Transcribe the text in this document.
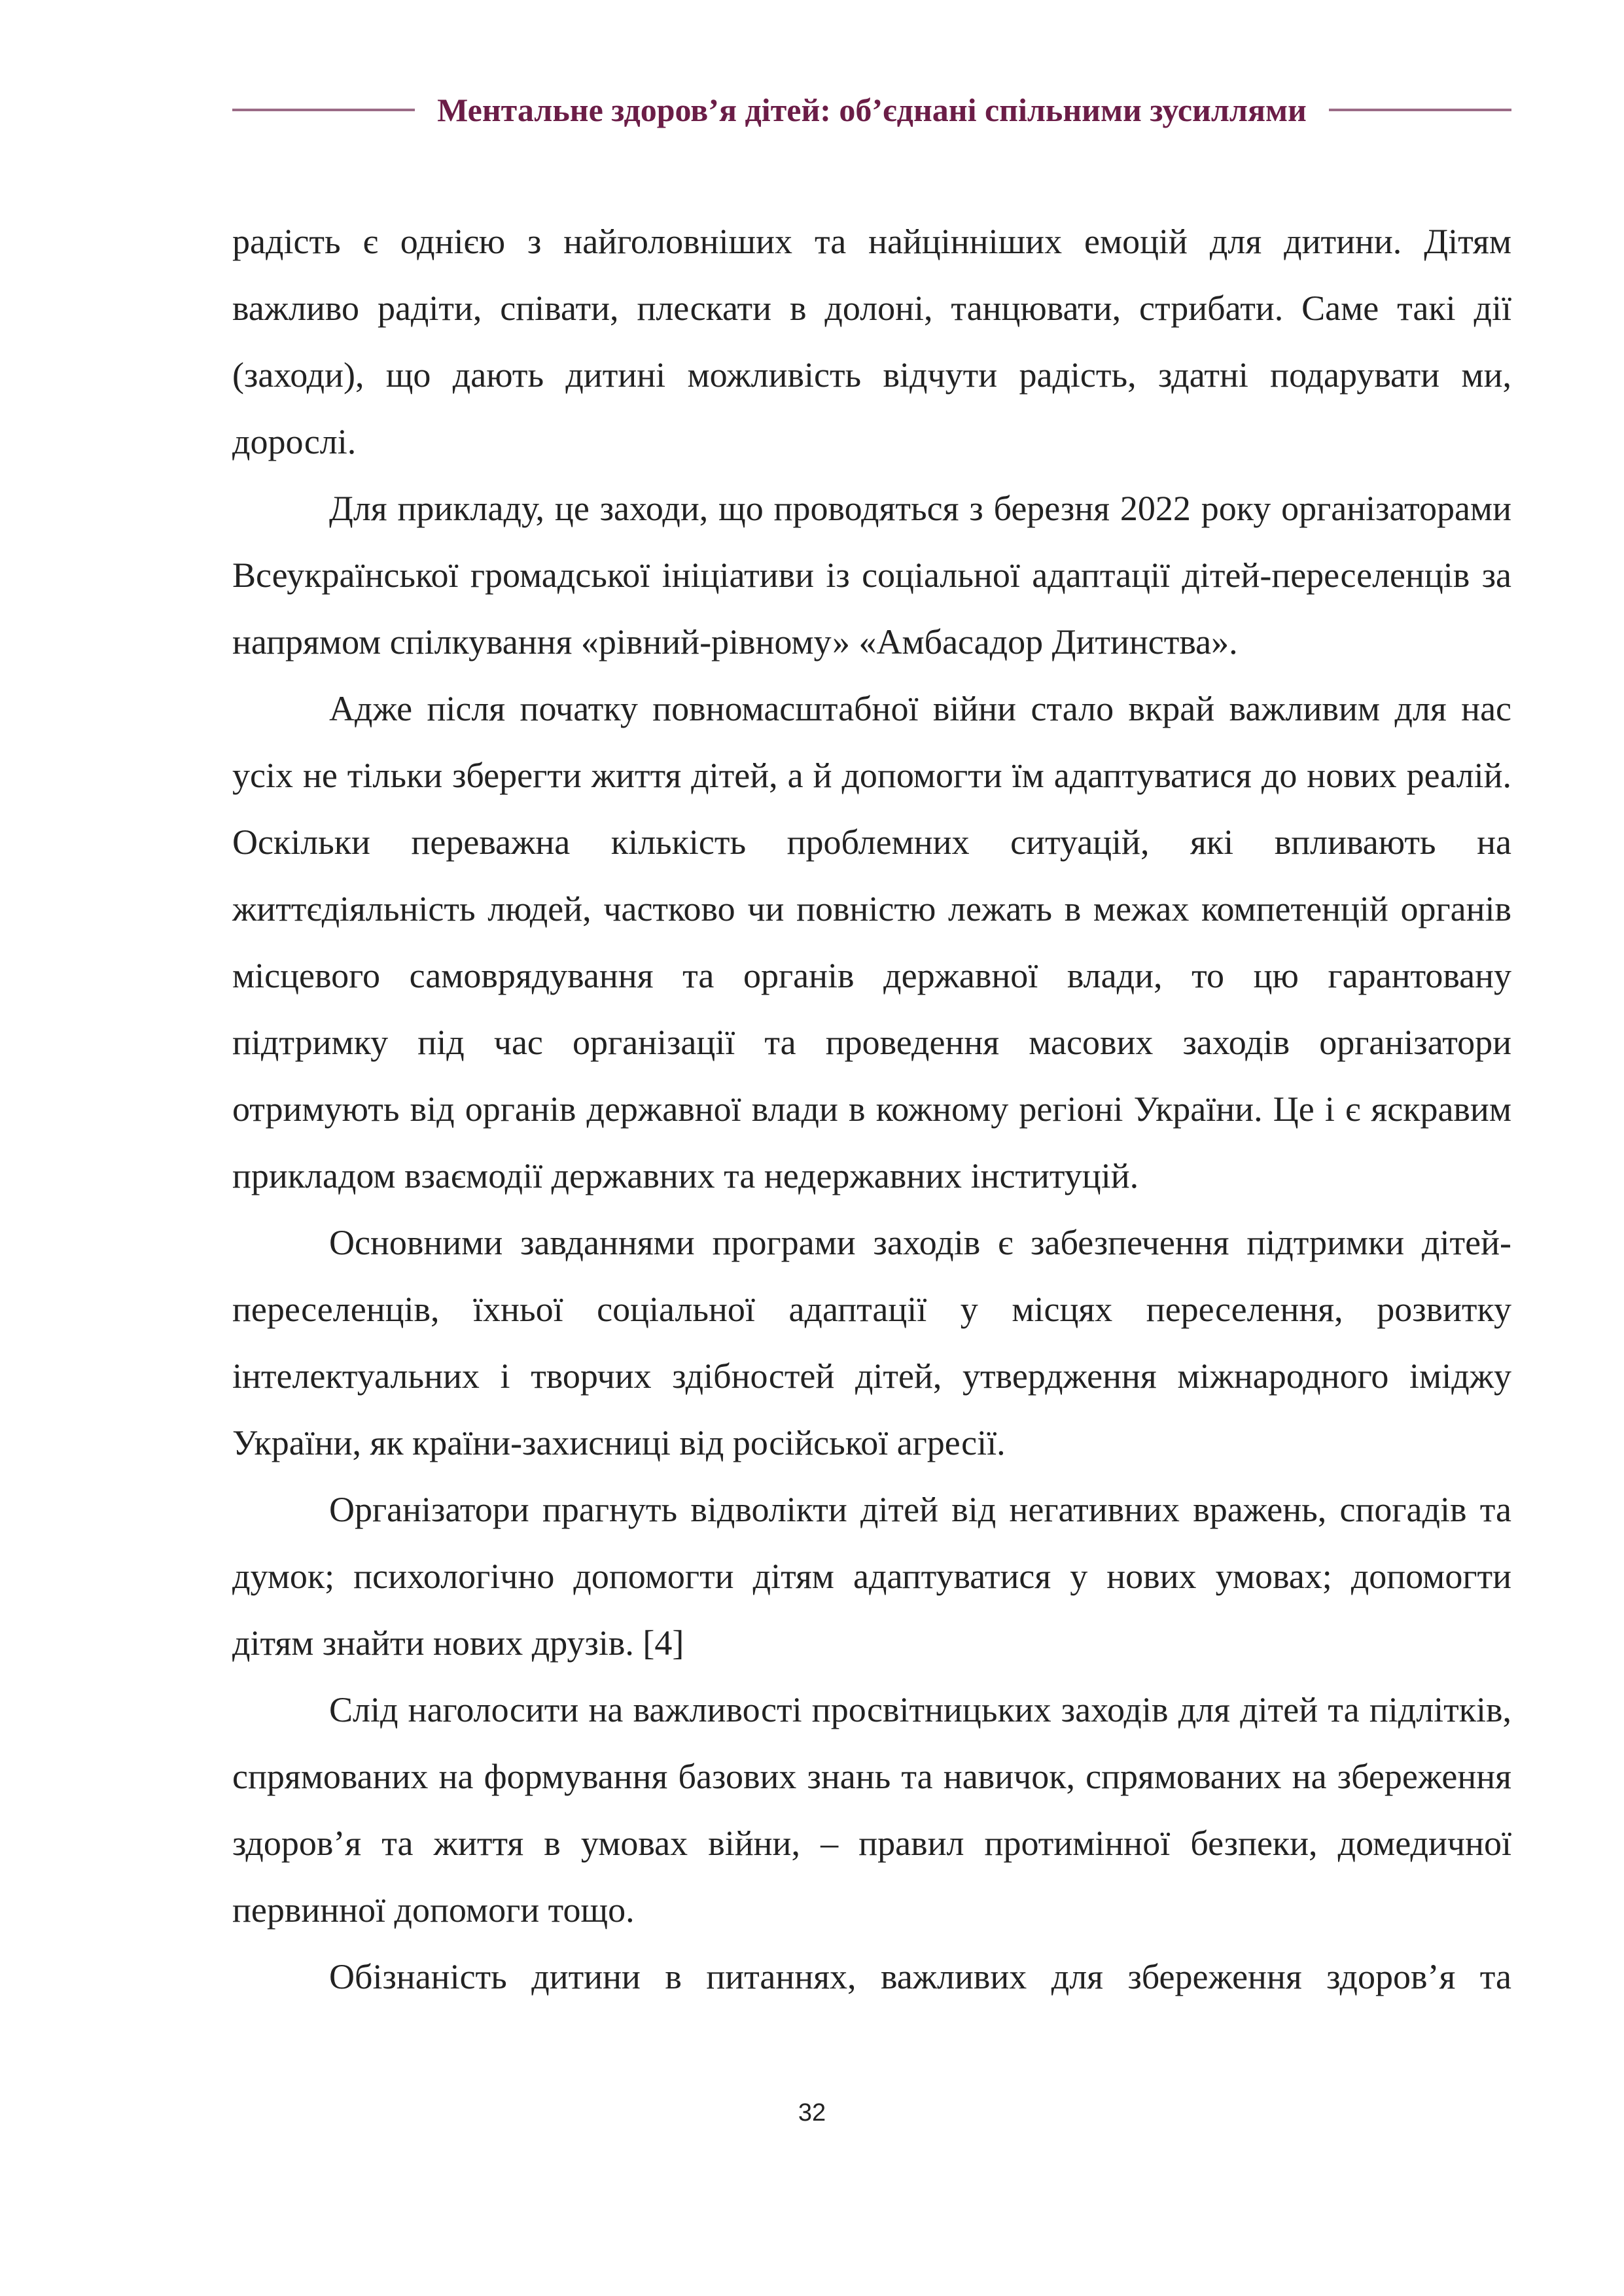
Ментальне здоров’я дітей: об’єднані спільними зусиллями

радість є однією з найголовніших та найцінніших емоцій для дитини. Дітям важливо радіти, співати, плескати в долоні, танцювати, стрибати. Саме такі дії (заходи), що дають дитині можливість відчути радість, здатні подарувати ми, дорослі.

Для прикладу, це заходи, що проводяться з березня 2022 року організаторами Всеукраїнської громадської ініціативи із соціальної адаптації дітей-переселенців за напрямом спілкування «рівний-рівному» «Амбасадор Дитинства».

Адже після початку повномасштабної війни стало вкрай важливим для нас усіх не тільки зберегти життя дітей, а й допомогти їм адаптуватися до нових реалій. Оскільки переважна кількість проблемних ситуацій, які впливають на життєдіяльність людей, частково чи повністю лежать в межах компетенцій органів місцевого самоврядування та органів державної влади, то цю гарантовану підтримку під час організації та проведення масових заходів організатори отримують від органів державної влади в кожному регіоні України. Це і є яскравим прикладом взаємодії державних та недержавних інституцій.

Основними завданнями програми заходів є забезпечення підтримки дітей-переселенців, їхньої соціальної адаптації у місцях переселення, розвитку інтелектуальних і творчих здібностей дітей, утвердження міжнародного іміджу України, як країни-захисниці від російської агресії.

Організатори прагнуть відволікти дітей від негативних вражень, спогадів та думок; психологічно допомогти дітям адаптуватися у нових умовах; допомогти дітям знайти нових друзів. [4]

Слід наголосити на важливості просвітницьких заходів для дітей та підлітків, спрямованих на формування базових знань та навичок, спрямованих на збереження здоров’я та життя в умовах війни, – правил протимінної безпеки, домедичної первинної допомоги тощо.

Обізнаність дитини в питаннях, важливих для збереження здоров’я та

32
